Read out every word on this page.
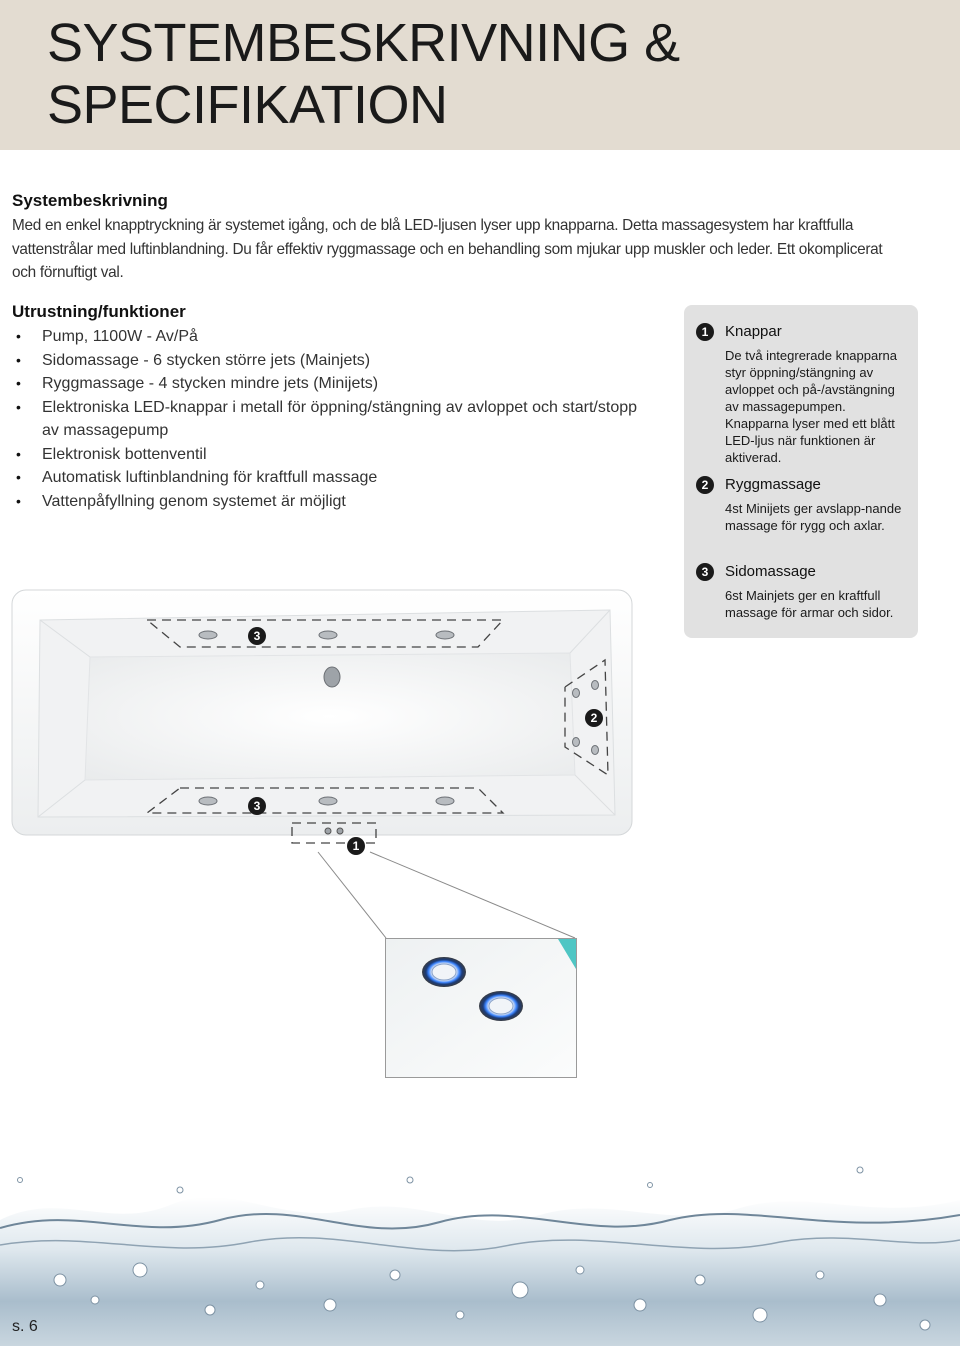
SYSTEMBESKRIVNING &
SPECIFIKATION
Systembeskrivning
Med en enkel knapptryckning är systemet igång, och de blå LED-ljusen lyser upp knapparna. Detta massagesystem har kraftfulla vattenstrålar med luftinblandning. Du får effektiv ryggmassage och en behandling som mjukar upp muskler och leder. Ett okomplicerat och förnuftigt val.
Utrustning/funktioner
• Pump, 1100W - Av/På
• Sidomassage - 6 stycken större jets (Mainjets)
• Ryggmassage - 4 stycken mindre jets (Minijets)
• Elektroniska LED-knappar i metall för öppning/stängning av avloppet och start/stopp av massagepump
• Elektronisk bottenventil
• Automatisk luftinblandning för kraftfull massage
• Vattenpåfyllning genom systemet är möjligt
1	Knappar
De två integrerade knapparna styr öppning/stängning av avloppet och på-/avstängning av massagepumpen. Knapparna lyser med ett blått LED-ljus när funktionen är aktiverad.
2	Ryggmassage
4st Minijets ger avslapp-nande massage för rygg och axlar.
3	Sidomassage
6st Mainjets ger en kraftfull massage för armar och sidor.
3
2
3
1
s. 6
